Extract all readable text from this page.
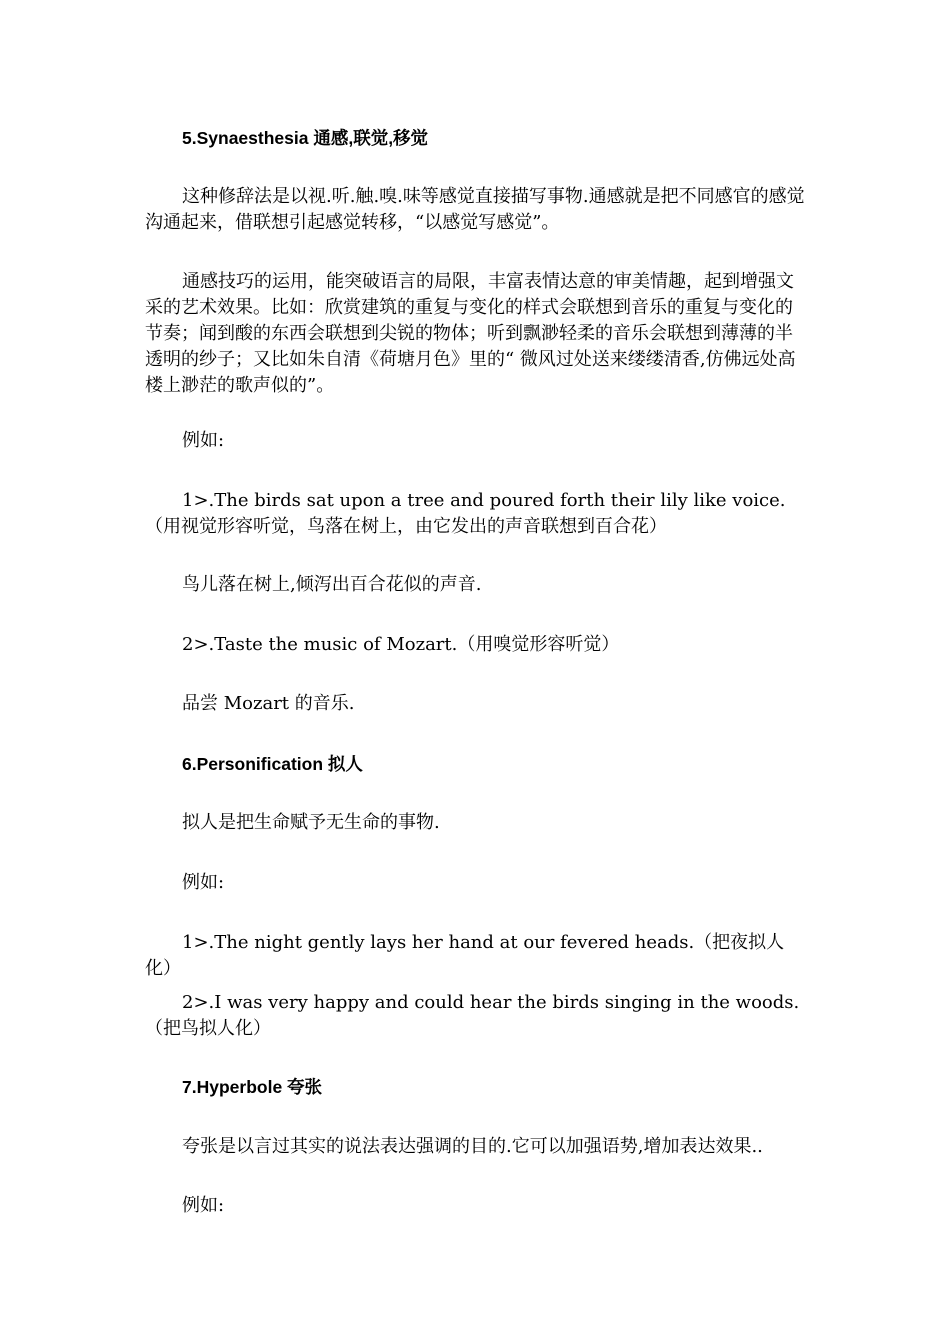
5.Synaesthesia 通感,联觉,移觉
这种修辞法是以视.听.触.嗅.味等感觉直接描写事物.通感就是把不同感官的感觉沟通起来，借联想引起感觉转移，“以感觉写感觉”。
通感技巧的运用，能突破语言的局限，丰富表情达意的审美情趣，起到增强文采的艺术效果。比如：欣赏建筑的重复与变化的样式会联想到音乐的重复与变化的节奏；闻到酸的东西会联想到尖锐的物体；听到飘渺轻柔的音乐会联想到薄薄的半透明的纱子；又比如朱自清《荷塘月色》里的“ 微风过处送来缕缕清香,仿佛远处高楼上渺茫的歌声似的”。
例如:
1>.The birds sat upon a tree and poured forth their lily like voice.（用视觉形容听觉，鸟落在树上，由它发出的声音联想到百合花）
鸟儿落在树上,倾泻出百合花似的声音.
2>.Taste the music of Mozart.（用嗅觉形容听觉）
品尝 Mozart 的音乐.
6.Personification 拟人
拟人是把生命赋予无生命的事物.
例如:
1>.The night gently lays her hand at our fevered heads.（把夜拟人化）
2>.I was very happy and could hear the birds singing in the woods.（把鸟拟人化）
7.Hyperbole 夸张
夸张是以言过其实的说法表达强调的目的.它可以加强语势,增加表达效果..
例如:
